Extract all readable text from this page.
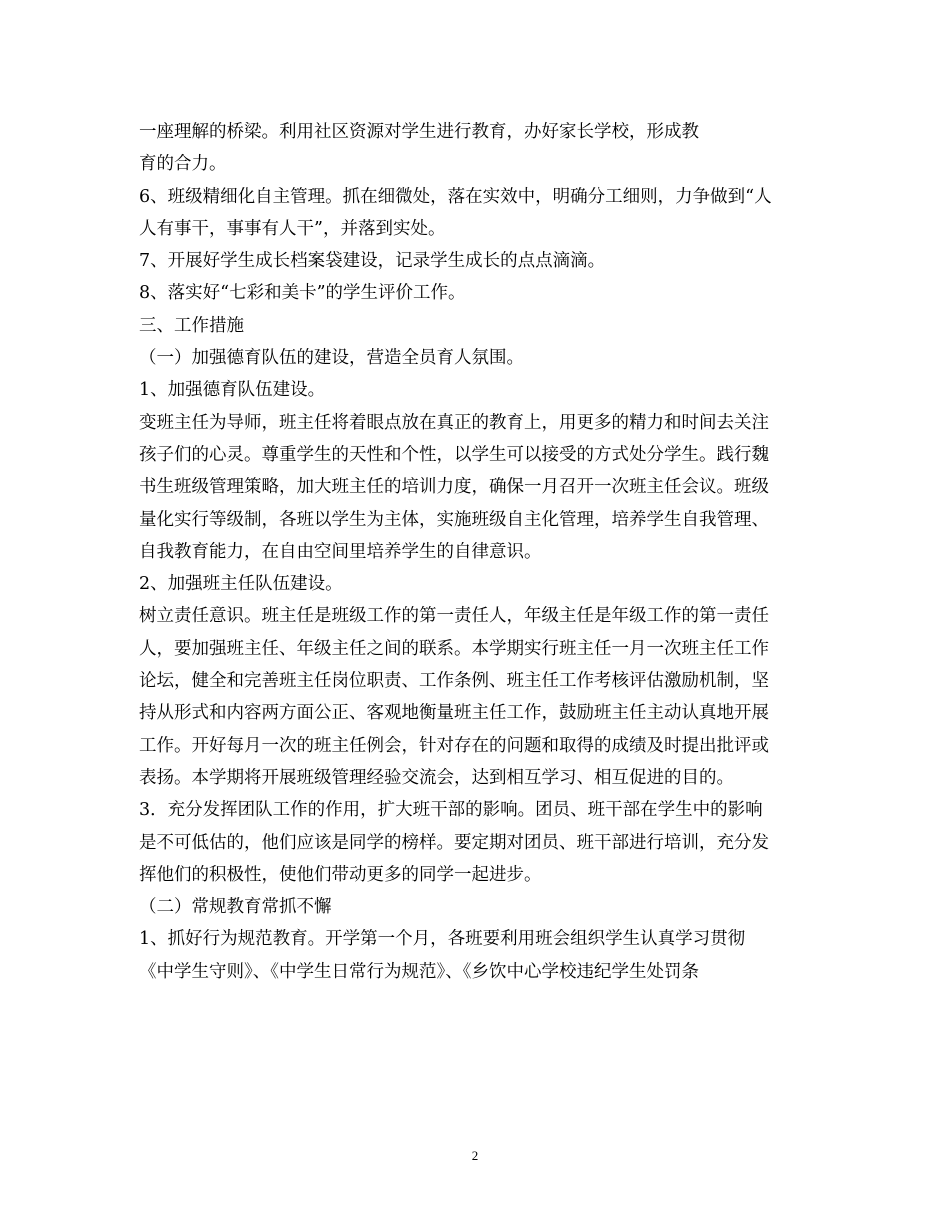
一座理解的桥梁。利用社区资源对学生进行教育，办好家长学校，形成教
育的合力。
6、班级精细化自主管理。抓在细微处，落在实效中，明确分工细则，力争做到“人
人有事干，事事有人干”，并落到实处。
7、开展好学生成长档案袋建设，记录学生成长的点点滴滴。
8、落实好“七彩和美卡”的学生评价工作。
三、工作措施
（一）加强德育队伍的建设，营造全员育人氛围。
1、加强德育队伍建设。
变班主任为导师，班主任将着眼点放在真正的教育上，用更多的精力和时间去关注
孩子们的心灵。尊重学生的天性和个性，以学生可以接受的方式处分学生。践行魏
书生班级管理策略，加大班主任的培训力度，确保一月召开一次班主任会议。班级
量化实行等级制，各班以学生为主体，实施班级自主化管理，培养学生自我管理、
自我教育能力，在自由空间里培养学生的自律意识。
2、加强班主任队伍建设。
树立责任意识。班主任是班级工作的第一责任人，年级主任是年级工作的第一责任
人，要加强班主任、年级主任之间的联系。本学期实行班主任一月一次班主任工作
论坛，健全和完善班主任岗位职责、工作条例、班主任工作考核评估激励机制，坚
持从形式和内容两方面公正、客观地衡量班主任工作，鼓励班主任主动认真地开展
工作。开好每月一次的班主任例会，针对存在的问题和取得的成绩及时提出批评或
表扬。本学期将开展班级管理经验交流会，达到相互学习、相互促进的目的。
3．充分发挥团队工作的作用，扩大班干部的影响。团员、班干部在学生中的影响
是不可低估的，他们应该是同学的榜样。要定期对团员、班干部进行培训，充分发
挥他们的积极性，使他们带动更多的同学一起进步。
（二）常规教育常抓不懈
1、抓好行为规范教育。开学第一个月，各班要利用班会组织学生认真学习贯彻
《中学生守则》、《中学生日常行为规范》、《乡饮中心学校违纪学生处罚条
2
